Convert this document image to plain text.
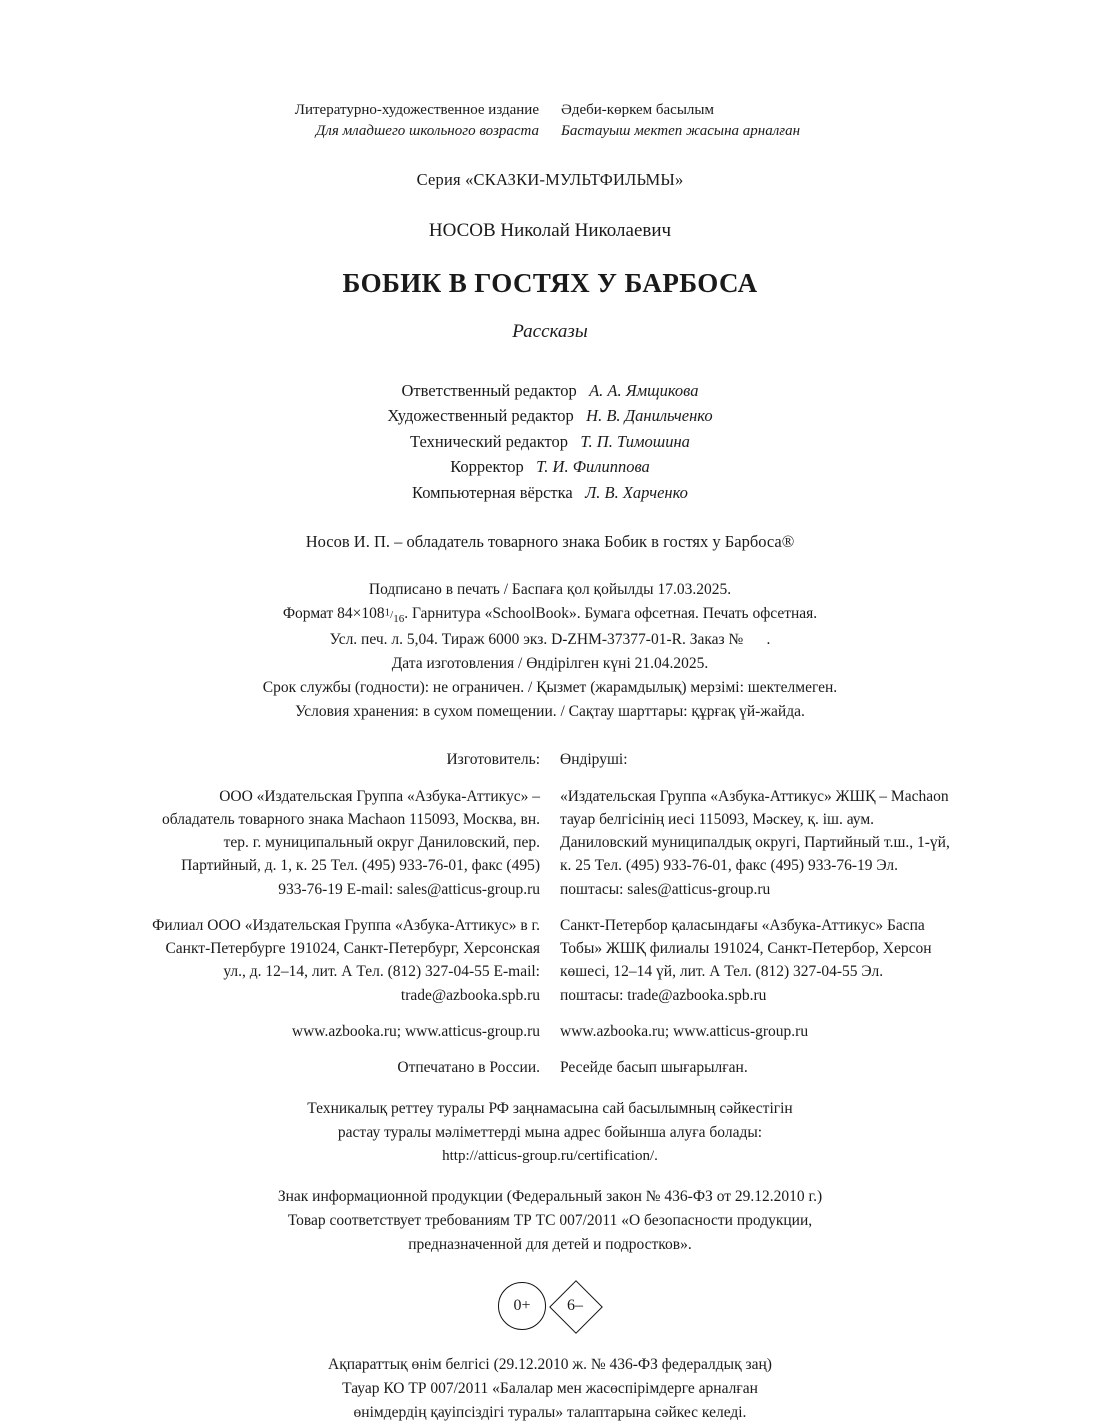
Литературно-художественное издание
Для младшего школьного возраста
Әдеби-көркем басылым
Бастауыш мектеп жасына арналған
Серия «СКАЗКИ-МУЛЬТФИЛЬМЫ»
НОСОВ Николай Николаевич
БОБИК В ГОСТЯХ У БАРБОСА
Рассказы
Ответственный редактор А. А. Ямщикова
Художественный редактор Н. В. Данильченко
Технический редактор Т. П. Тимошина
Корректор Т. И. Филиппова
Компьютерная вёрстка Л. В. Харченко
Носов И. П. – обладатель товарного знака Бобик в гостях у Барбоса®
Подписано в печать / Баспаға қол қойылды 17.03.2025.
Формат $84\times 1081/_{16}$. Гарнитура «SchoolBook». Бумага офсетная. Печать офсетная.
Усл. печ. л. 5,04. Тираж 6000 экз. D-ZHM-37377-01-R. Заказ №      .
Дата изготовления / Өндірілген күні 21.04.2025.
Срок службы (годности): не ограничен. / Қызмет (жарамдылық) мерзімі: шектелмеген.
Условия хранения: в сухом помещении. / Сақтау шарттары: құрғақ үй-жайда.
Изготовитель: Өндіруші:
ООО «Издательская Группа «Азбука-Аттикус» – обладатель товарного знака Machaon 115093, Москва, вн. тер. г. муниципальный округ Даниловский, пер. Партийный, д. 1, к. 25 Тел. (495) 933-76-01, факс (495) 933-76-19 E-mail: sales@atticus-group.ru
«Издательская Группа «Азбука-Аттикус» ЖШҚ – Machaon тауар белгісінің иесі 115093, Мәскеу, қ. іш. аум. Даниловский муниципалдық округі, Партийный т.ш., 1-үй, к. 25 Тел. (495) 933-76-01, факс (495) 933-76-19 Эл. поштасы: sales@atticus-group.ru
Филиал ООО «Издательская Группа «Азбука-Аттикус» в г. Санкт-Петербурге 191024, Санкт-Петербург, Херсонская ул., д. 12–14, лит. А Тел. (812) 327-04-55 E-mail: trade@azbooka.spb.ru
Санкт-Петербор қаласындағы «Азбука-Аттикус» Баспа Тобы» ЖШҚ филиалы 191024, Санкт-Петербор, Херсон көшесі, 12–14 үй, лит. А Тел. (812) 327-04-55 Эл. поштасы: trade@azbooka.spb.ru
www.azbooka.ru; www.atticus-group.ru www.azbooka.ru; www.atticus-group.ru
Отпечатано в России. Ресейде басып шығарылған.
Техникалық реттеу туралы РФ заңнамасына сай басылымның сәйкестігін
растау туралы мәліметтерді мына адрес бойынша алуға болады:
http://atticus-group.ru/certification/.
Знак информационной продукции (Федеральный закон № 436-ФЗ от 29.12.2010 г.)
Товар соответствует требованиям ТР ТС 007/2011 «О безопасности продукции,
предназначенной для детей и подростков».
0+ 6–
Ақпараттық өнім белгісі (29.12.2010 ж. № 436-ФЗ федералдық заң)
Тауар КО ТР 007/2011 «Балалар мен жасөспірімдерге арналған
өнімдердің қауіпсіздігі туралы» талаптарына сәйкес келеді.
